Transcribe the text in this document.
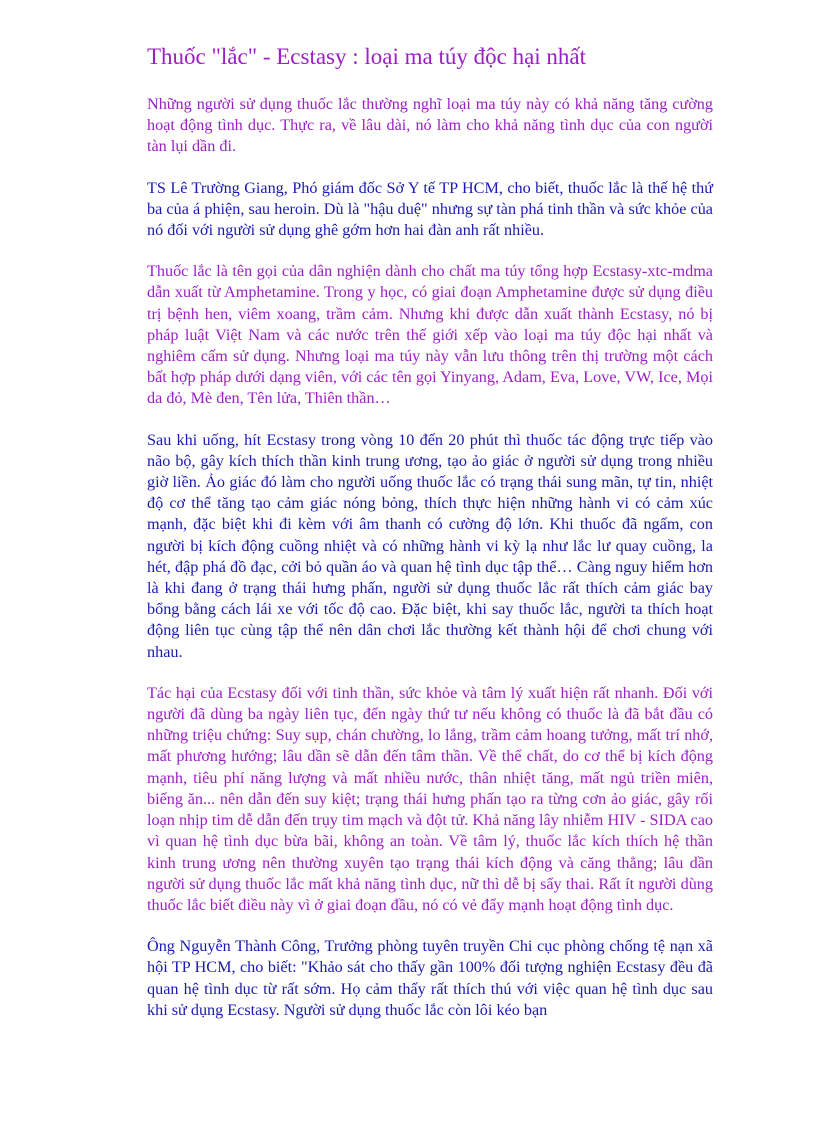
Thuốc "lắc" - Ecstasy : loại ma túy độc hại nhất

Những người sử dụng thuốc lắc thường nghĩ loại ma túy này có khả năng tăng cường hoạt động tình dục. Thực ra, về lâu dài, nó làm cho khả năng tình dục của con người tàn lụi dần đi.

TS Lê Trường Giang, Phó giám đốc Sở Y tế TP HCM, cho biết, thuốc lắc là thế hệ thứ ba của á phiện, sau heroin. Dù là "hậu duệ" nhưng sự tàn phá tinh thần và sức khỏe của nó đối với người sử dụng ghê gớm hơn hai đàn anh rất nhiều.

Thuốc lắc là tên gọi của dân nghiện dành cho chất ma túy tổng hợp Ecstasy-xtc-mdma dẫn xuất từ Amphetamine. Trong y học, có giai đoạn Amphetamine được sử dụng điều trị bệnh hen, viêm xoang, trầm cảm. Nhưng khi được dẫn xuất thành Ecstasy, nó bị pháp luật Việt Nam và các nước trên thế giới xếp vào loại ma túy độc hại nhất và nghiêm cấm sử dụng. Nhưng loại ma túy này vẫn lưu thông trên thị trường một cách bất hợp pháp dưới dạng viên, với các tên gọi Yinyang, Adam, Eva, Love, VW, Ice, Mọi da đỏ, Mè đen, Tên lửa, Thiên thần…

Sau khi uống, hít Ecstasy trong vòng 10 đến 20 phút thì thuốc tác động trực tiếp vào não bộ, gây kích thích thần kinh trung ương, tạo ảo giác ở người sử dụng trong nhiều giờ liền. Ảo giác đó làm cho người uống thuốc lắc có trạng thái sung mãn, tự tin, nhiệt độ cơ thể tăng tạo cảm giác nóng bỏng, thích thực hiện những hành vi có cảm xúc mạnh, đặc biệt khi đi kèm với âm thanh có cường độ lớn. Khi thuốc đã ngấm, con người bị kích động cuồng nhiệt và có những hành vi kỳ lạ như lắc lư quay cuồng, la hét, đập phá đồ đạc, cởi bỏ quần áo và quan hệ tình dục tập thể… Càng nguy hiểm hơn là khi đang ở trạng thái hưng phấn, người sử dụng thuốc lắc rất thích cảm giác bay bổng bằng cách lái xe với tốc độ cao. Đặc biệt, khi say thuốc lắc, người ta thích hoạt động liên tục cùng tập thể nên dân chơi lắc thường kết thành hội để chơi chung với nhau.

Tác hại của Ecstasy đối với tinh thần, sức khỏe và tâm lý xuất hiện rất nhanh. Đối với người đã dùng ba ngày liên tục, đến ngày thứ tư nếu không có thuốc là đã bắt đầu có những triệu chứng: Suy sụp, chán chường, lo lắng, trầm cảm hoang tưởng, mất trí nhớ, mất phương hướng; lâu dần sẽ dẫn đến tâm thần. Về thể chất, do cơ thể bị kích động mạnh, tiêu phí năng lượng và mất nhiều nước, thân nhiệt tăng, mất ngủ triền miên, biếng ăn... nên dẫn đến suy kiệt; trạng thái hưng phấn tạo ra từng cơn ảo giác, gây rối loạn nhịp tim dễ dẫn đến trụy tim mạch và đột tử. Khả năng lây nhiễm HIV - SIDA cao vì quan hệ tình dục bừa bãi, không an toàn. Về tâm lý, thuốc lắc kích thích hệ thần kinh trung ương nên thường xuyên tạo trạng thái kích động và căng thẳng; lâu dần người sử dụng thuốc lắc mất khả năng tình dục, nữ thì dễ bị sẩy thai. Rất ít người dùng thuốc lắc biết điều này vì ở giai đoạn đầu, nó có vẻ đẩy mạnh hoạt động tình dục.

Ông Nguyễn Thành Công, Trưởng phòng tuyên truyền Chi cục phòng chống tệ nạn xã hội TP HCM, cho biết: "Khảo sát cho thấy gần 100% đối tượng nghiện Ecstasy đều đã quan hệ tình dục từ rất sớm. Họ cảm thấy rất thích thú với việc quan hệ tình dục sau khi sử dụng Ecstasy. Người sử dụng thuốc lắc còn lôi kéo bạn
